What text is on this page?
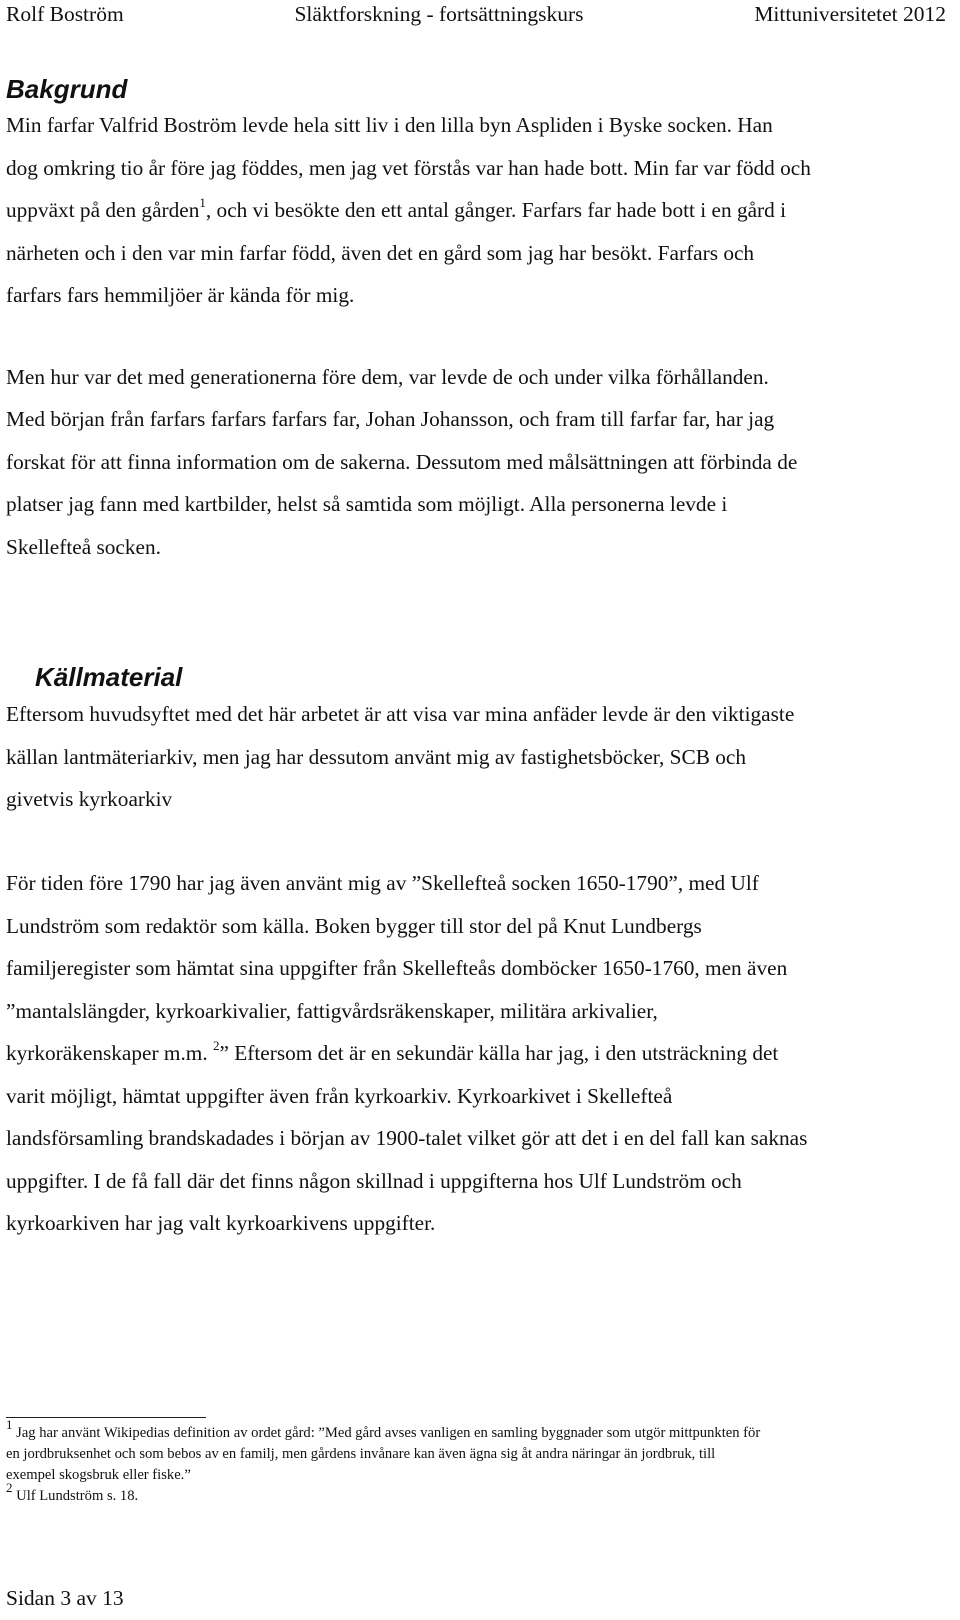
Rolf Boström	Släktforskning - fortsättningskurs	Mittuniversitetet 2012
Bakgrund

Min farfar Valfrid Boström levde hela sitt liv i den lilla byn Aspliden i Byske socken. Han
dog omkring tio år före jag föddes, men jag vet förstås var han hade bott. Min far var född och
uppväxt på den gården$^1$, och vi besökte den ett antal gånger. Farfars far hade bott i en gård i
närheten och i den var min farfar född, även det en gård som jag har besökt. Farfars och
farfars fars hemmiljöer är kända för mig.

Men hur var det med generationerna före dem, var levde de och under vilka förhållanden.

Med början från farfars farfars farfars far, Johan Johansson, och fram till farfar far, har jag
forskat för att finna information om de sakerna. Dessutom med målsättningen att förbinda de
platser jag fann med kartbilder, helst så samtida som möjligt. Alla personerna levde i
Skellefteå socken.

Källmaterial

Eftersom huvudsyftet med det här arbetet är att visa var mina anfäder levde är den viktigaste
källan lantmäteriarkiv, men jag har dessutom använt mig av fastighetsböcker, SCB och
givetvis kyrkoarkiv

För tiden före 1790 har jag även använt mig av ”Skellefteå socken 1650-1790”, med Ulf
Lundström som redaktör som källa. Boken bygger till stor del på Knut Lundbergs
familjeregister som hämtat sina uppgifter från Skellefteås domböcker 1650-1760, men även
”mantalslängder, kyrkoarkivalier, fattigvårdsräkenskaper, militära arkivalier,
kyrkoräkenskaper m.m. $^2$” Eftersom det är en sekundär källa har jag, i den utsträckning det
varit möjligt, hämtat uppgifter även från kyrkoarkiv. Kyrkoarkivet i Skellefteå
landsförsamling brandskadades i början av 1900-talet vilket gör att det i en del fall kan saknas
uppgifter. I de få fall där det finns någon skillnad i uppgifterna hos Ulf Lundström och
kyrkoarkiven har jag valt kyrkoarkivens uppgifter.

$^1$ Jag har använt Wikipedias definition av ordet gård: ”Med gård avses vanligen en samling byggnader som utgör mittpunkten för
en jordbruksenhet och som bebos av en familj, men gårdens invånare kan även ägna sig åt andra näringar än jordbruk, till
exempel skogsbruk eller fiske.”
$^2$ Ulf Lundström s. 18.
Sidan 3 av 13
